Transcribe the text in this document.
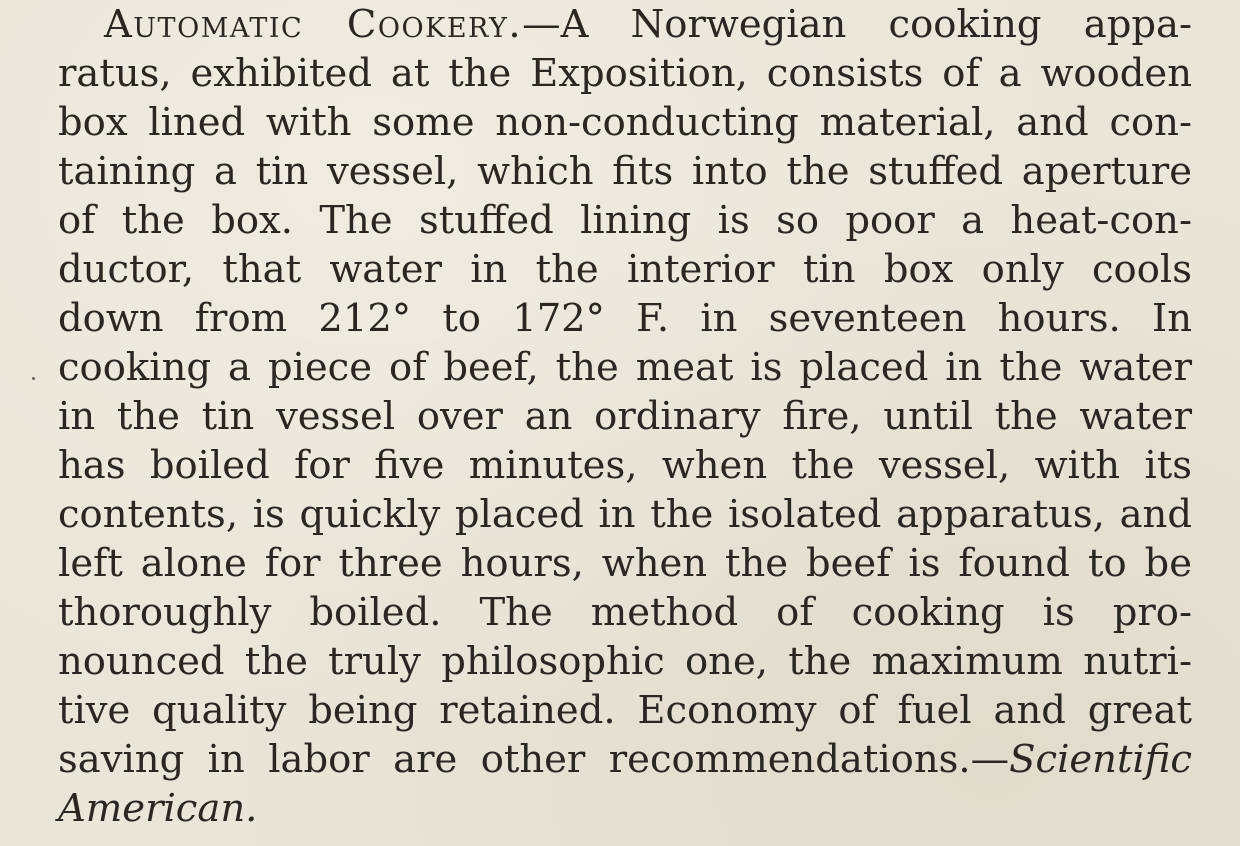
Automatic Cookery.—A Norwegian cooking appa-
ratus, exhibited at the Exposition, consists of a wooden
box lined with some non-conducting material, and con-
taining a tin vessel, which fits into the stuffed aperture
of the box. The stuffed lining is so poor a heat-con-
ductor, that water in the interior tin box only cools
down from 212° to 172° F. in seventeen hours. In
cooking a piece of beef, the meat is placed in the water
in the tin vessel over an ordinary fire, until the water
has boiled for five minutes, when the vessel, with its
contents, is quickly placed in the isolated apparatus, and
left alone for three hours, when the beef is found to be
thoroughly boiled. The method of cooking is pro-
nounced the truly philosophic one, the maximum nutri-
tive quality being retained. Economy of fuel and great
saving in labor are other recommendations.—Scientific
American.
